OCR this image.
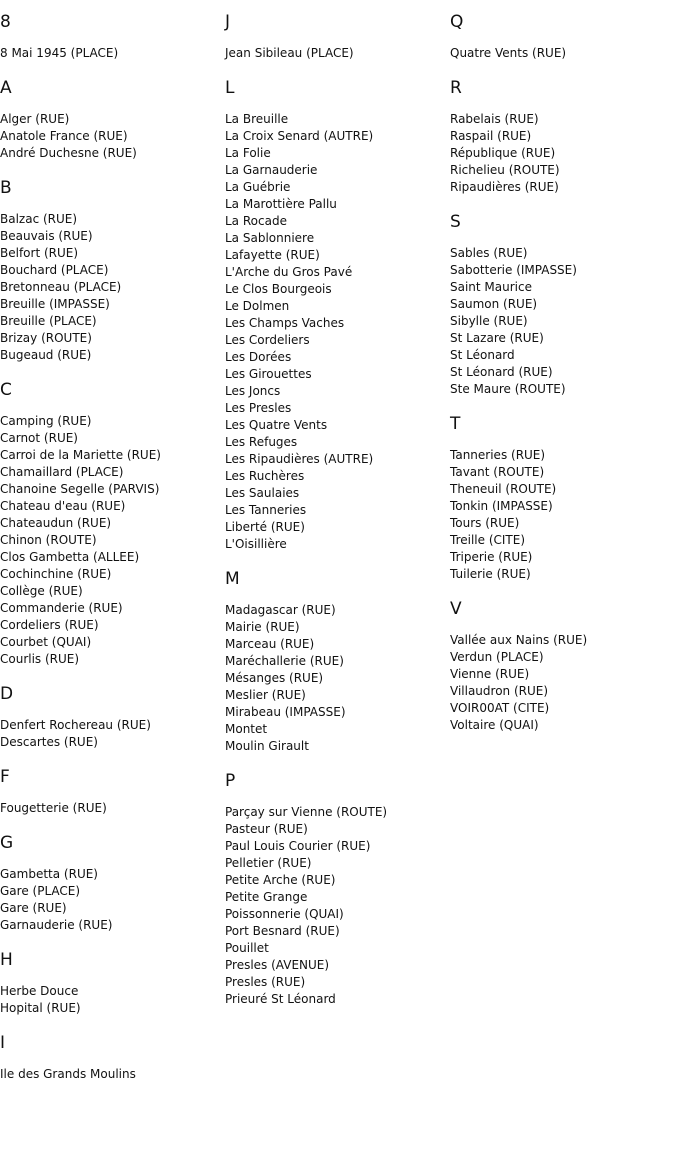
8
8 Mai 1945 (PLACE)
A
Alger (RUE)
Anatole France (RUE)
André Duchesne (RUE)
B
Balzac (RUE)
Beauvais (RUE)
Belfort (RUE)
Bouchard (PLACE)
Bretonneau (PLACE)
Breuille (IMPASSE)
Breuille (PLACE)
Brizay (ROUTE)
Bugeaud (RUE)
C
Camping (RUE)
Carnot (RUE)
Carroi de la Mariette (RUE)
Chamaillard (PLACE)
Chanoine Segelle (PARVIS)
Chateau d'eau (RUE)
Chateaudun (RUE)
Chinon (ROUTE)
Clos Gambetta (ALLEE)
Cochinchine (RUE)
Collège (RUE)
Commanderie (RUE)
Cordeliers (RUE)
Courbet (QUAI)
Courlis (RUE)
D
Denfert Rochereau (RUE)
Descartes (RUE)
F
Fougetterie (RUE)
G
Gambetta (RUE)
Gare (PLACE)
Gare (RUE)
Garnauderie (RUE)
H
Herbe Douce
Hopital (RUE)
I
Ile des Grands Moulins
J
Jean Sibileau (PLACE)
L
La Breuille
La Croix Senard (AUTRE)
La Folie
La Garnauderie
La Guébrie
La Marottière Pallu
La Rocade
La Sablonniere
Lafayette (RUE)
L'Arche du Gros Pavé
Le Clos Bourgeois
Le Dolmen
Les Champs Vaches
Les Cordeliers
Les Dorées
Les Girouettes
Les Joncs
Les Presles
Les Quatre Vents
Les Refuges
Les Ripaudières (AUTRE)
Les Ruchères
Les Saulaies
Les Tanneries
Liberté (RUE)
L'Oisillière
M
Madagascar (RUE)
Mairie (RUE)
Marceau (RUE)
Maréchallerie (RUE)
Mésanges (RUE)
Meslier (RUE)
Mirabeau (IMPASSE)
Montet
Moulin Girault
P
Parçay sur Vienne (ROUTE)
Pasteur (RUE)
Paul Louis Courier (RUE)
Pelletier (RUE)
Petite Arche (RUE)
Petite Grange
Poissonnerie (QUAI)
Port Besnard (RUE)
Pouillet
Presles (AVENUE)
Presles (RUE)
Prieuré St Léonard
Q
Quatre Vents (RUE)
R
Rabelais (RUE)
Raspail (RUE)
République (RUE)
Richelieu (ROUTE)
Ripaudières (RUE)
S
Sables (RUE)
Sabotterie (IMPASSE)
Saint Maurice
Saumon (RUE)
Sibylle (RUE)
St Lazare (RUE)
St Léonard
St Léonard (RUE)
Ste Maure (ROUTE)
T
Tanneries (RUE)
Tavant (ROUTE)
Theneuil (ROUTE)
Tonkin (IMPASSE)
Tours (RUE)
Treille (CITE)
Triperie (RUE)
Tuilerie (RUE)
V
Vallée aux Nains (RUE)
Verdun (PLACE)
Vienne (RUE)
Villaudron (RUE)
VOIR00AT (CITE)
Voltaire (QUAI)
